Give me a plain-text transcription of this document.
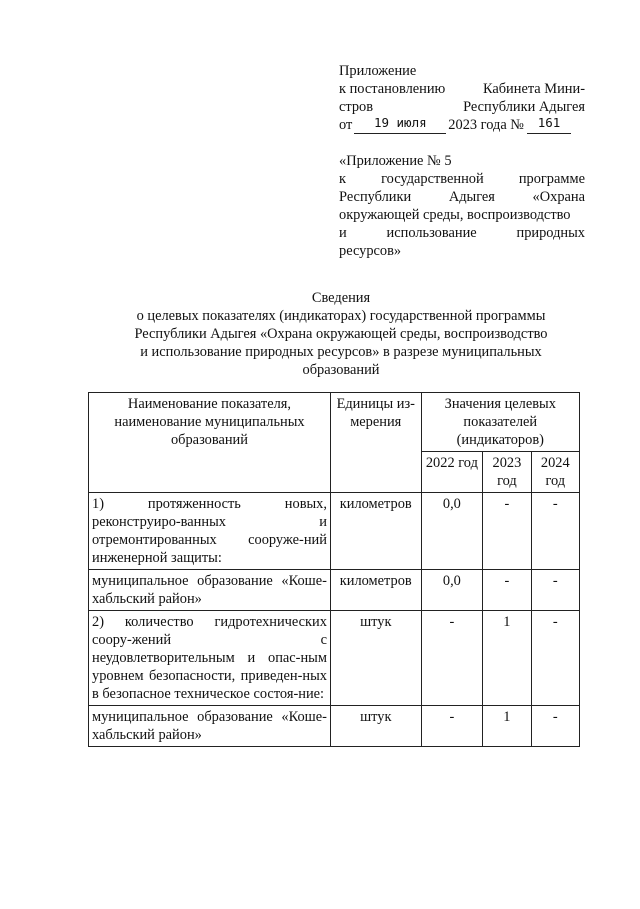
Приложение
к постановлению	Кабинета Мини-
стров	Республики Адыгея
от	19 июля	2023 года №	161
«Приложение № 5
к государственной программе
Республики	Адыгея	«Охрана
окружающей среды, воспроизводство
и	использование	природных
ресурсов»
Сведения
о целевых показателях (индикаторах) государственной программы
Республики Адыгея «Охрана окружающей среды, воспроизводство
и использование природных ресурсов» в разрезе муниципальных
образований
Наименование показателя, наименование муниципальных образований	Единицы из-мерения	Значения целевых показателей (индикаторов)		
		2022 год	2023 год	2024 год
1) протяженность новых, реконструиро-ванных и отремонтированных сооруже-ний инженерной защиты:	километров	0,0	-	-
муниципальное образование «Коше-хабльский район»	километров	0,0	-	-
2) количество гидротехнических соору-жений с неудовлетворительным и опас-ным уровнем безопасности, приведен-ных в безопасное техническое состоя-ние:	штук	-	1	-
муниципальное образование «Коше-хабльский район»	штук	-	1	-
